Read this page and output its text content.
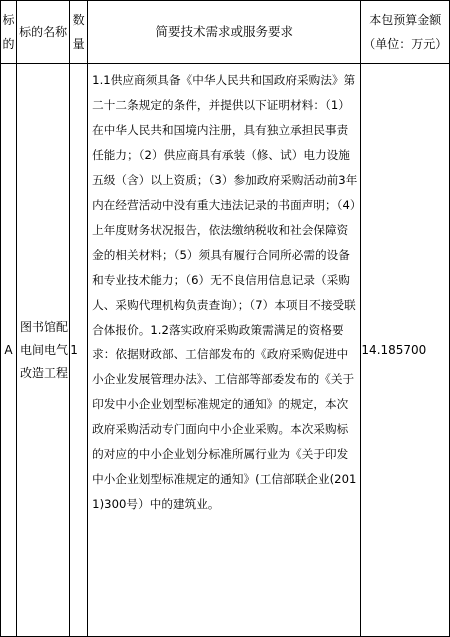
标的	标的名称	数量	简要技术需求或服务要求	本包预算金额
（单位：万元）

A	图书馆配电间电气改造工程	1	1.1供应商须具备《中华人民共和国政府采购法》第二十二条规定的条件，并提供以下证明材料：（1）在中华人民共和国境内注册，具有独立承担民事责任能力；（2）供应商具有承装（修、试）电力设施五级（含）以上资质；（3）参加政府采购活动前3年内在经营活动中没有重大违法记录的书面声明；（4）上年度财务状况报告，依法缴纳税收和社会保障资金的相关材料；（5）须具有履行合同所必需的设备和专业技术能力；（6）无不良信用信息记录（采购人、采购代理机构负责查询）；（7）本项目不接受联合体报价。1.2落实政府采购政策需满足的资格要求：依据财政部、工信部发布的《政府采购促进中小企业发展管理办法》、工信部等部委发布的《关于印发中小企业划型标准规定的通知》的规定，本次政府采购活动专门面向中小企业采购。本次采购标的对应的中小企业划分标准所属行业为《关于印发中小企业划型标准规定的通知》(工信部联企业(2011)300号）中的建筑业。	14.185700
